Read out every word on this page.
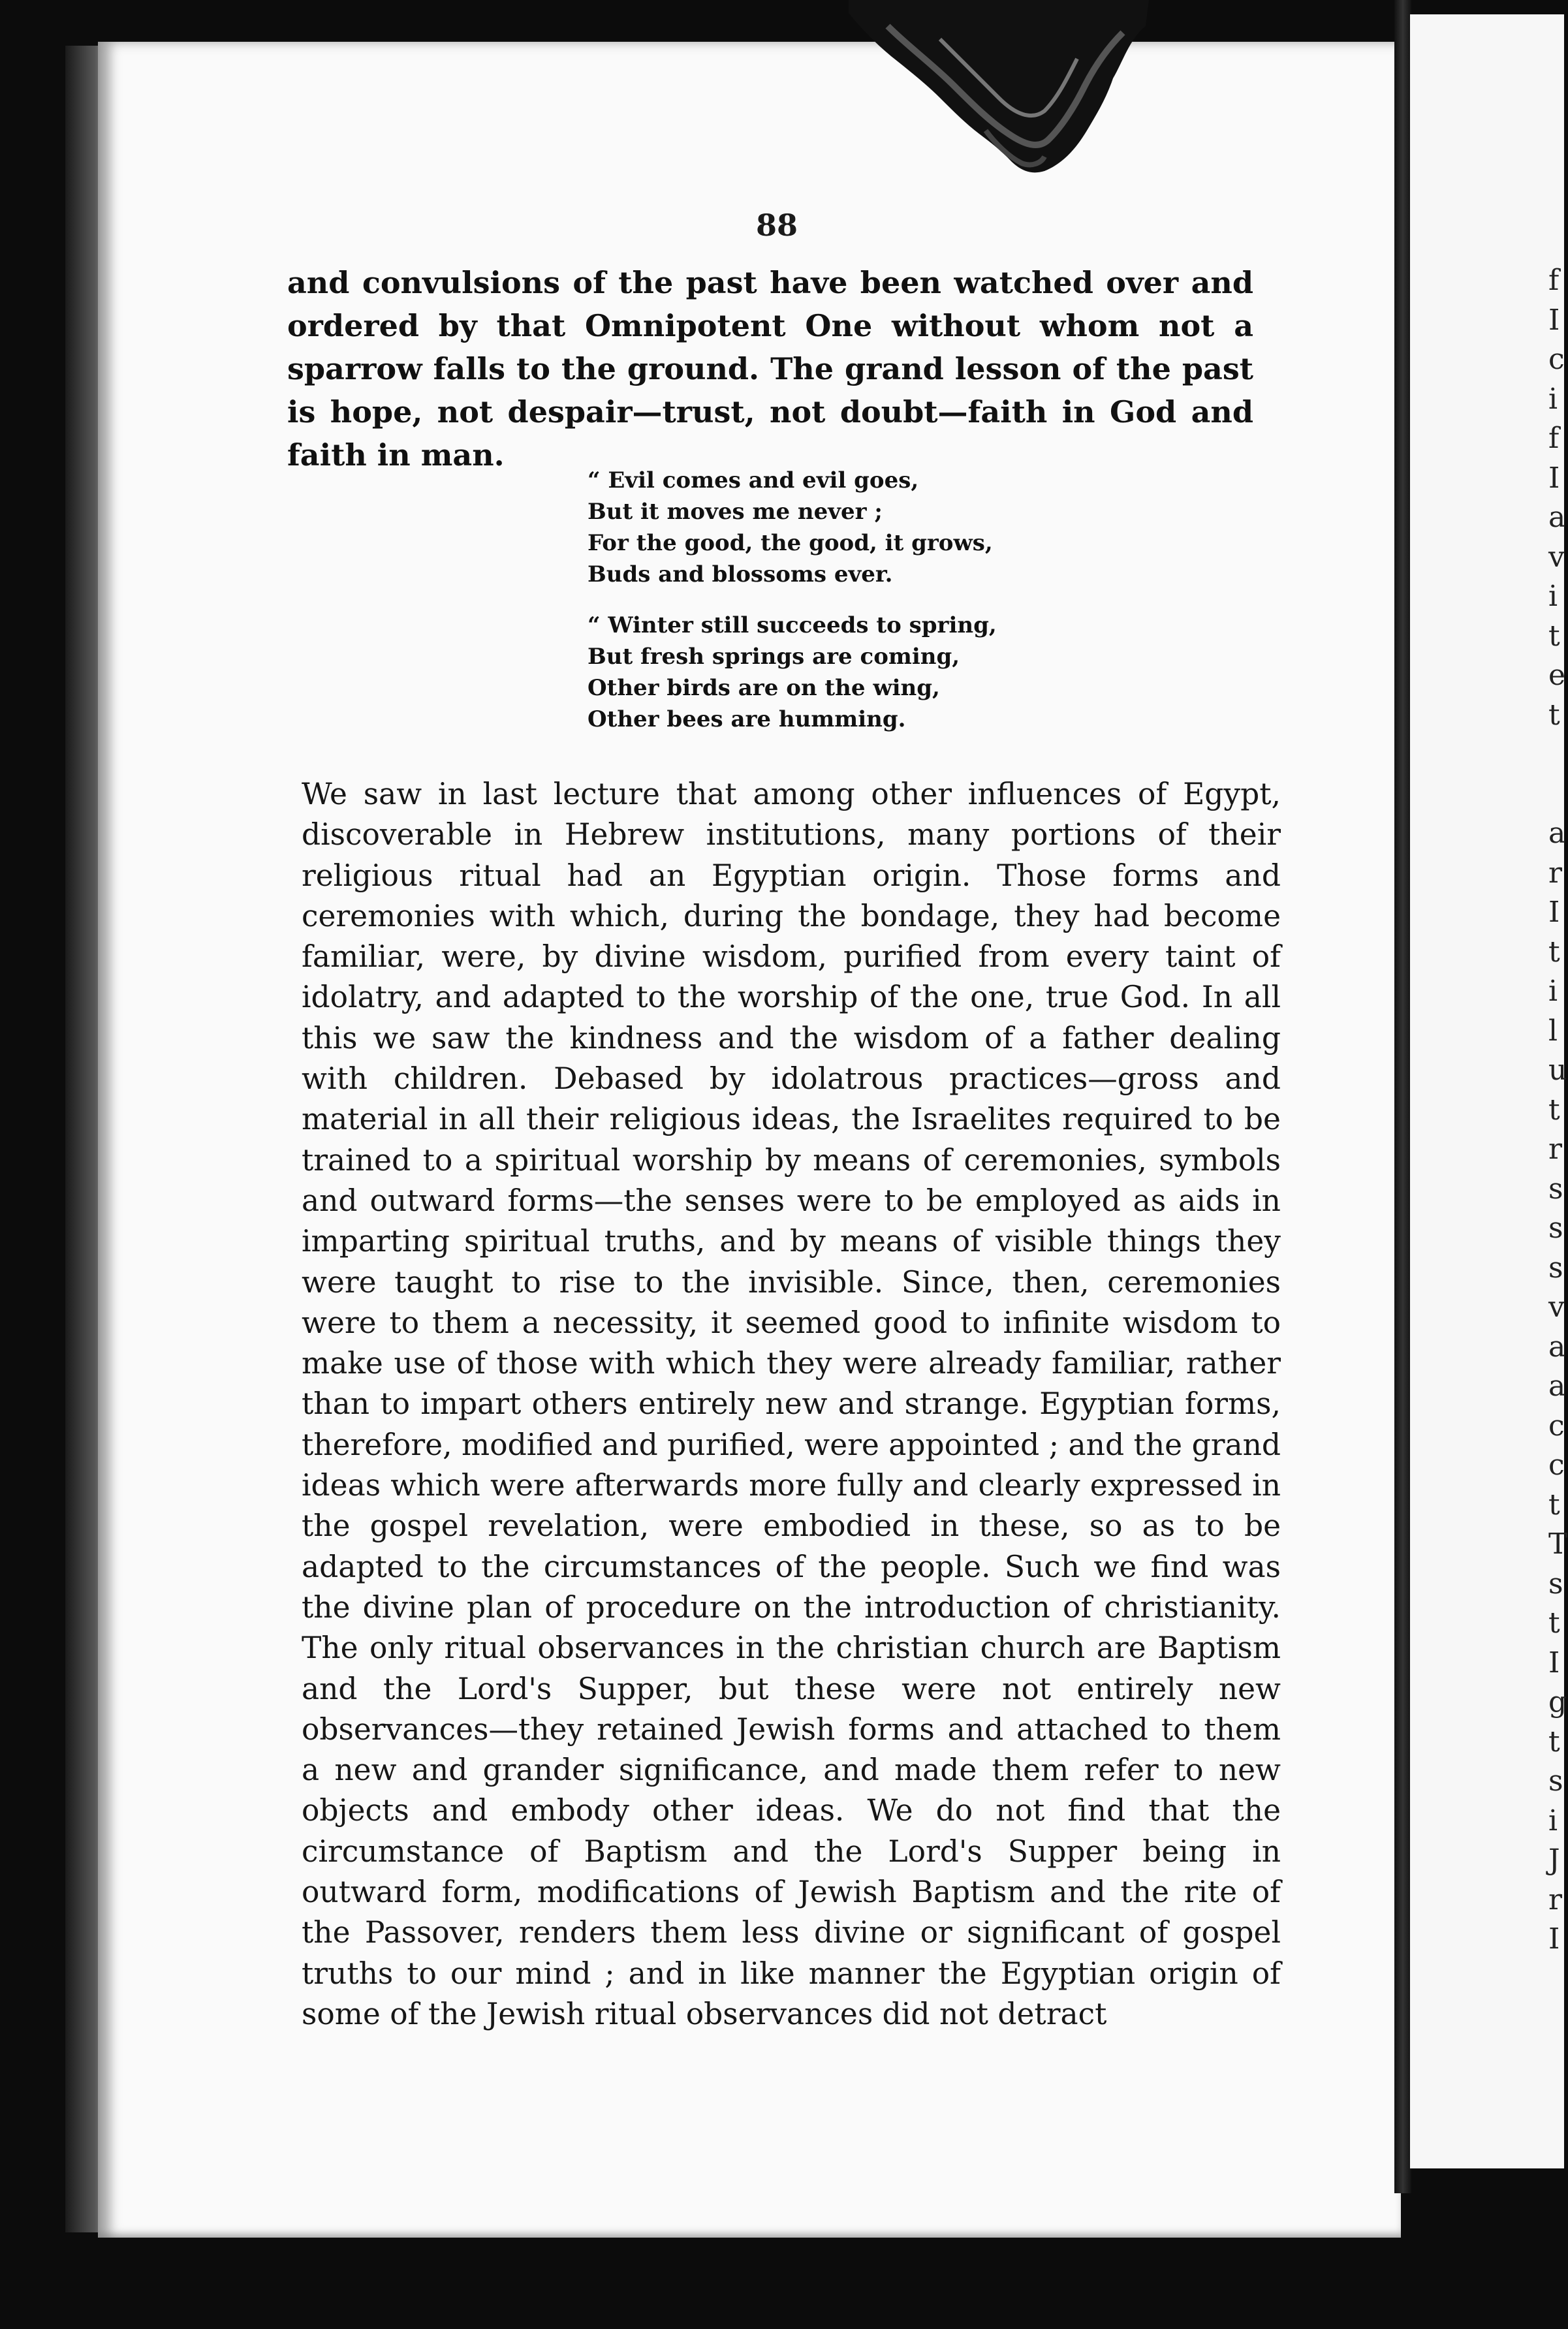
88

and convulsions of the past have been watched over and ordered by that Omnipotent One without whom not a sparrow falls to the ground. The grand lesson of the past is hope, not despair—trust, not doubt—faith in God and faith in man.

“ Evil comes and evil goes,
But it moves me never ;
For the good, the good, it grows,
Buds and blossoms ever.
“ Winter still succeeds to spring,
But fresh springs are coming,
Other birds are on the wing,
Other bees are humming.

We saw in last lecture that among other influences of Egypt, discoverable in Hebrew institutions, many portions of their religious ritual had an Egyptian origin. Those forms and ceremonies with which, during the bondage, they had become familiar, were, by divine wisdom, purified from every taint of idolatry, and adapted to the worship of the one, true God. In all this we saw the kindness and the wisdom of a father dealing with children. Debased by idolatrous practices—gross and material in all their religious ideas, the Israelites required to be trained to a spiritual worship by means of ceremonies, symbols and outward forms—the senses were to be employed as aids in imparting spiritual truths, and by means of visible things they were taught to rise to the invisible. Since, then, ceremonies were to them a necessity, it seemed good to infinite wisdom to make use of those with which they were already familiar, rather than to impart others entirely new and strange. Egyptian forms, therefore, modified and purified, were appointed ; and the grand ideas which were afterwards more fully and clearly expressed in the gospel revelation, were embodied in these, so as to be adapted to the circumstances of the people. Such we find was the divine plan of procedure on the introduction of christianity. The only ritual observances in the christian church are Baptism and the Lord's Supper, but these were not entirely new observances—they retained Jewish forms and attached to them a new and grander significance, and made them refer to new objects and embody other ideas. We do not find that the circumstance of Baptism and the Lord's Supper being in outward form, modifications of Jewish Baptism and the rite of the Passover, renders them less divine or significant of gospel truths to our mind ; and in like manner the Egyptian origin of some of the Jewish ritual observances did not detract

f
I
c
i
f
I
a
v
i
t
e
t

a
r
I
t
i
l
u
t
r
s
s
s
v
a
a
c
c
t
T
s
t
I
g
t
s
i
J
r
I
